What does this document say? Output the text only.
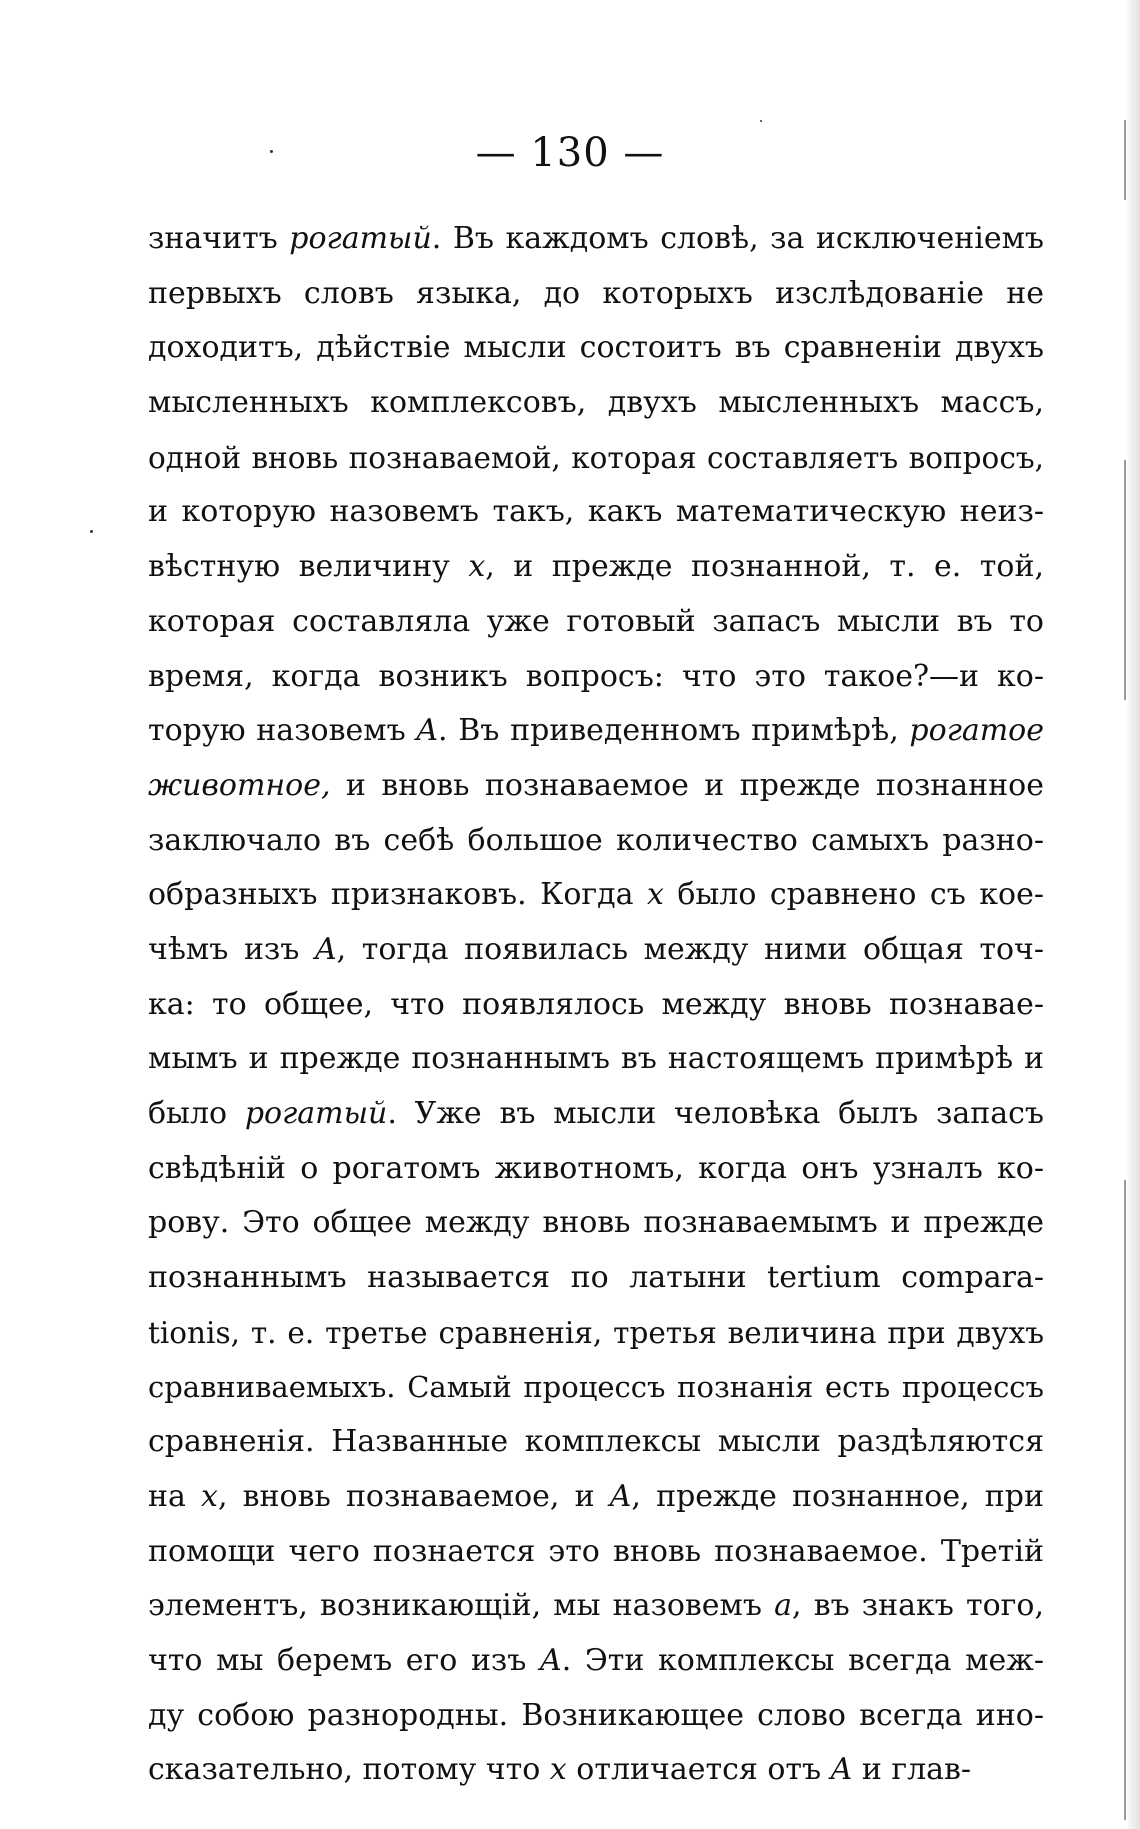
— 130 —
значитъ рогатый. Въ каждомъ словѣ, за исключеніемъ
первыхъ словъ языка, до которыхъ изслѣдованіе не
доходитъ, дѣйствіе мысли состоитъ въ сравненіи двухъ
мысленныхъ комплексовъ, двухъ мысленныхъ массъ,
одной вновь познаваемой, которая составляетъ вопросъ,
и которую назовемъ такъ, какъ математическую неиз-
вѣстную величину x, и прежде познанной, т. е. той,
которая составляла уже готовый запасъ мысли въ то
время, когда возникъ вопросъ: что это такое?—и ко-
торую назовемъ A. Въ приведенномъ примѣрѣ, рогатое
животное, и вновь познаваемое и прежде познанное
заключало въ себѣ большое количество самыхъ разно-
образныхъ признаковъ. Когда x было сравнено съ кое-
чѣмъ изъ A, тогда появилась между ними общая точ-
ка: то общее, что появлялось между вновь познавае-
мымъ и прежде познаннымъ въ настоящемъ примѣрѣ и
было рогатый. Уже въ мысли человѣка былъ запасъ
свѣдѣній о рогатомъ животномъ, когда онъ узналъ ко-
рову. Это общее между вновь познаваемымъ и прежде
познаннымъ называется по латыни tertium compara-
tionis, т. е. третье сравненія, третья величина при двухъ
сравниваемыхъ. Самый процессъ познанія есть процессъ
сравненія. Названные комплексы мысли раздѣляются
на x, вновь познаваемое, и A, прежде познанное, при
помощи чего познается это вновь познаваемое. Третій
элементъ, возникающій, мы назовемъ a, въ знакъ того,
что мы беремъ его изъ A. Эти комплексы всегда меж-
ду собою разнородны. Возникающее слово всегда ино-
сказательно, потому что x отличается отъ A и глав-
